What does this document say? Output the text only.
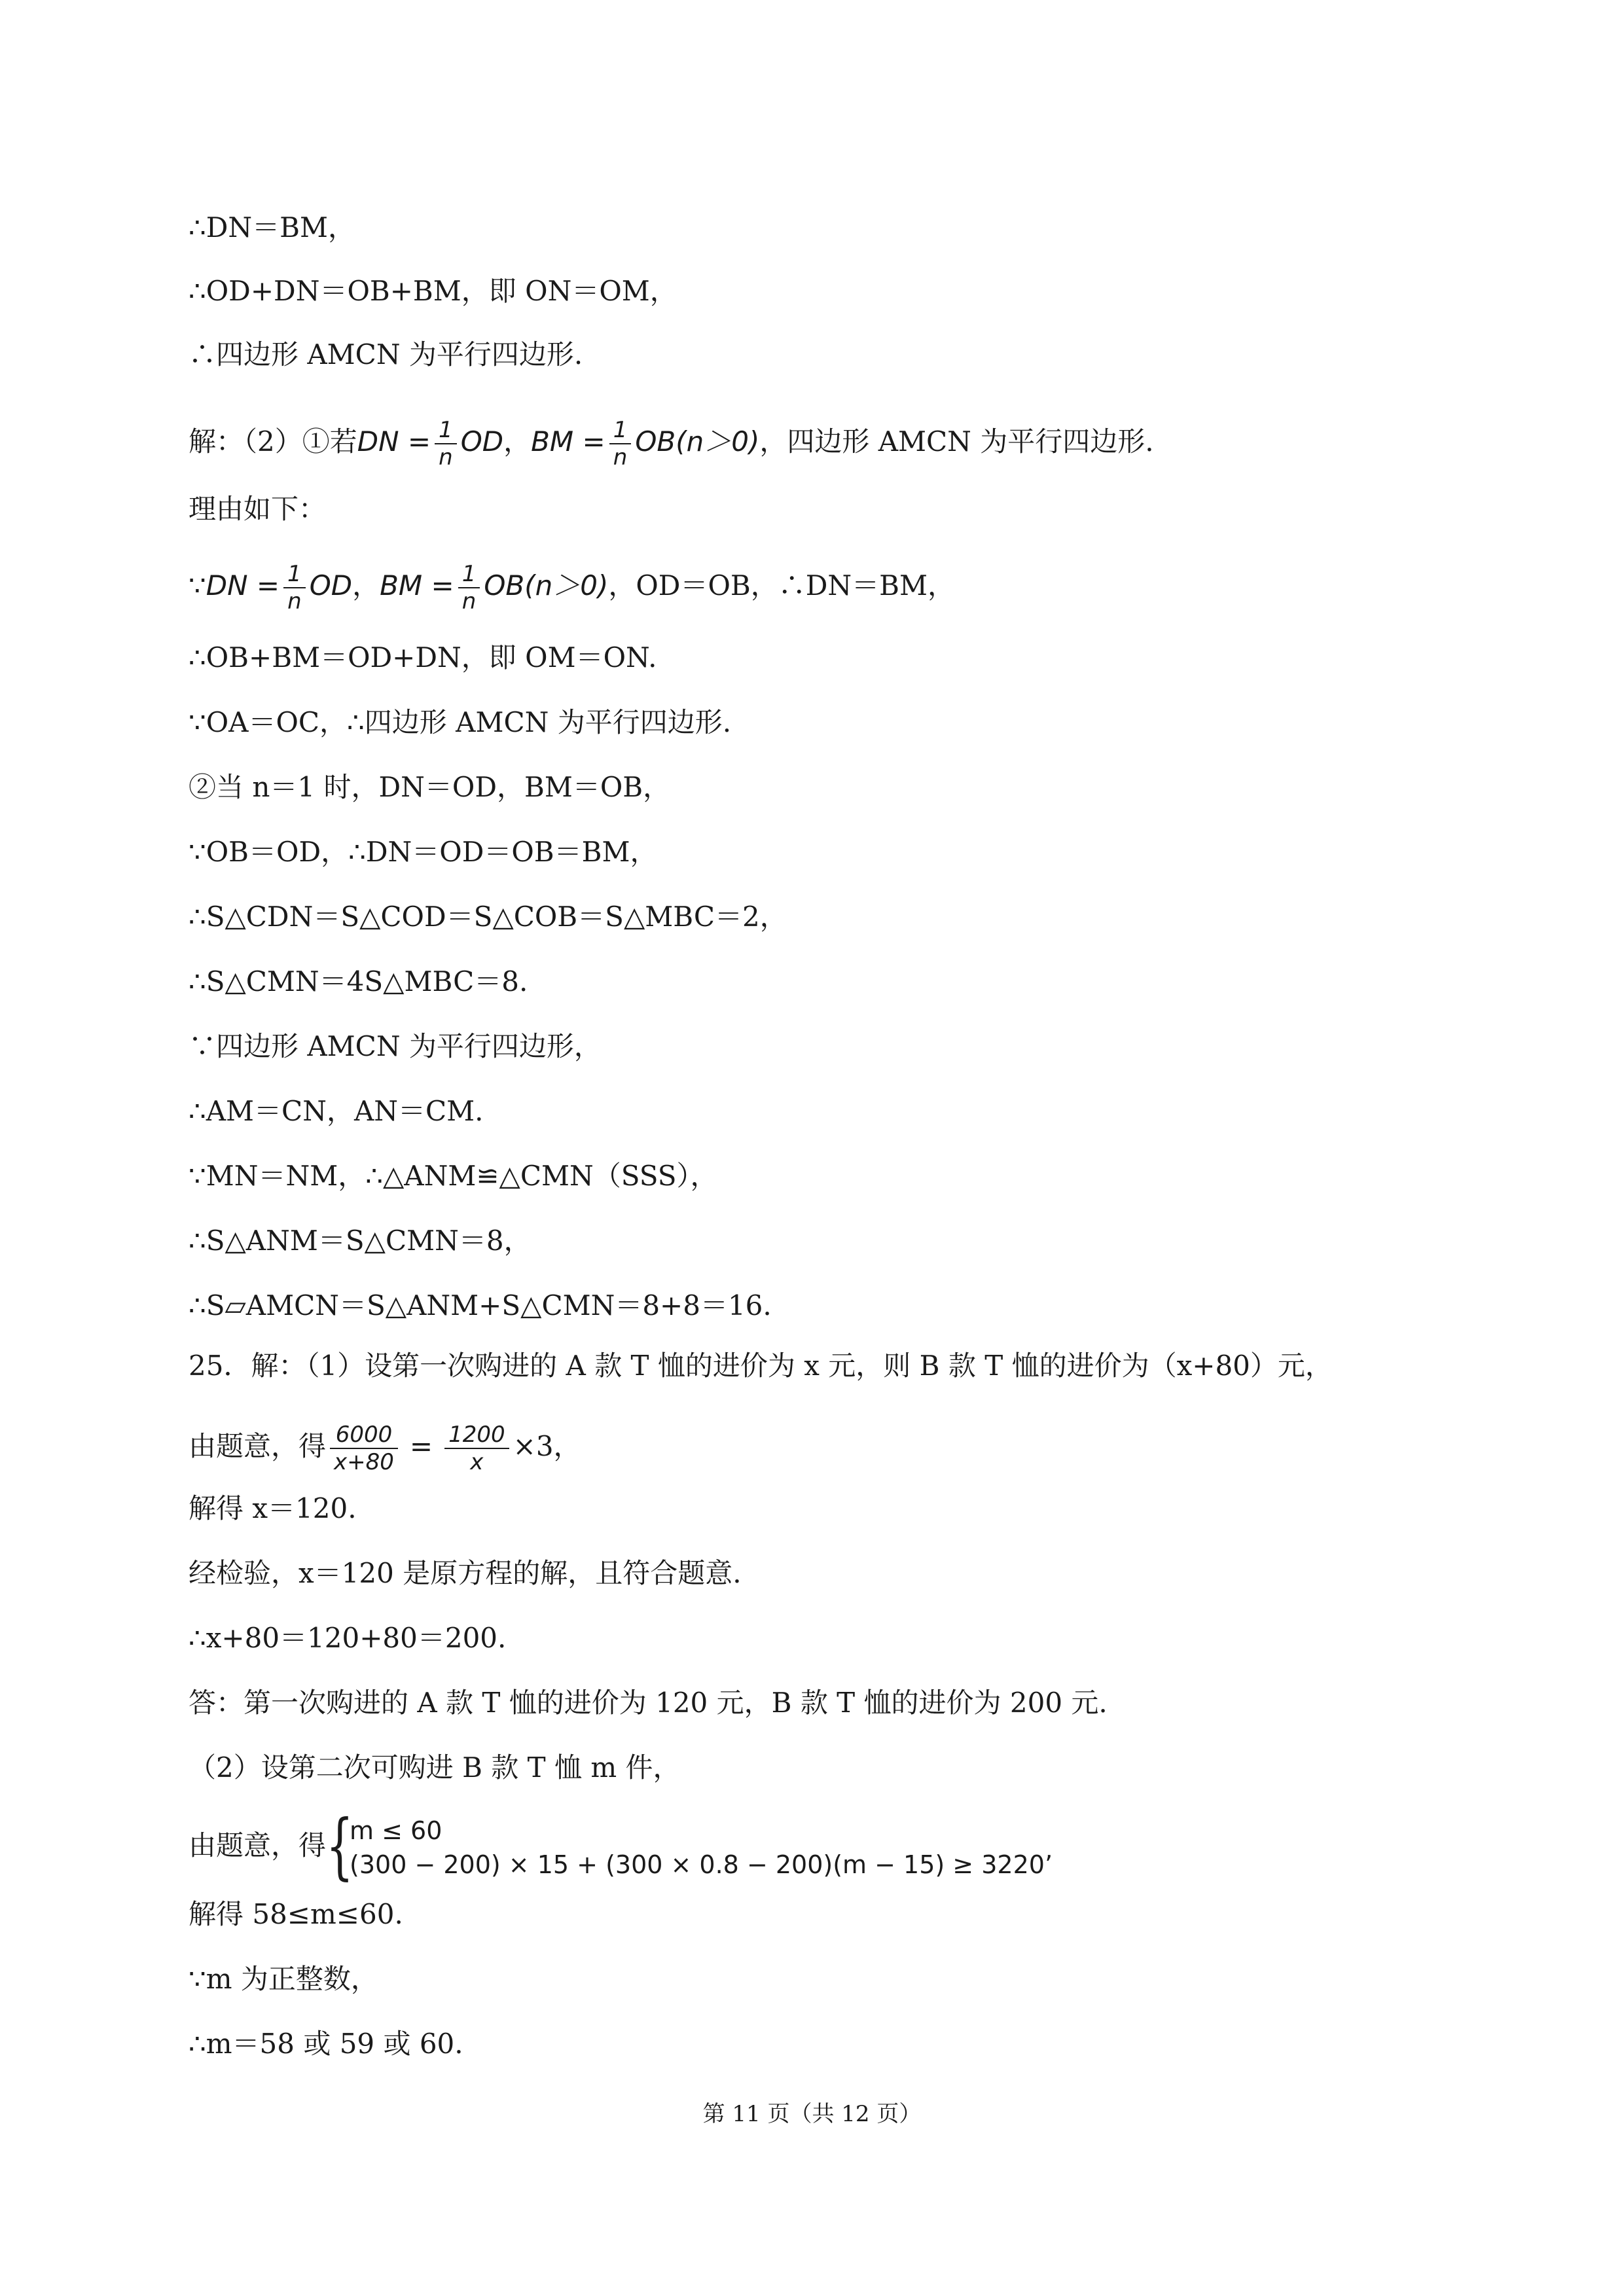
∴DN＝BM，
∴OD+DN＝OB+BM，即 ON＝OM，
∴四边形 AMCN 为平行四边形.
解：（2）①若DN = $\frac{1}{n}$ OD，BM = $\frac{1}{n} OB(n>0)$，四边形 AMCN 为平行四边形.
理由如下：
∵DN = $\frac{1}{n}$ OD，BM = $\frac{1}{n} OB(n>0)$，OD＝OB，∴DN＝BM，
∴OB+BM＝OD+DN，即 OM＝ON.
∵OA＝OC，∴四边形 AMCN 为平行四边形.
②当 n＝1 时，DN＝OD，BM＝OB，
∵OB＝OD，∴DN＝OD＝OB＝BM，
∴S△CDN＝S△COD＝S△COB＝S△MBC＝2，
∴S△CMN＝4S△MBC＝8.
∵四边形 AMCN 为平行四边形，
∴AM＝CN，AN＝CM.
∵MN＝NM，∴△ANM≌△CMN（SSS），
∴S△ANM＝S△CMN＝8，
∴S▱AMCN＝S△ANM+S△CMN＝8+8＝16.
25．解：（1）设第一次购进的 A 款 T 恤的进价为 x 元，则 B 款 T 恤的进价为（x+80）元，
由题意，得 $\frac{6000}{x+80} = \frac{1200}{x} \times 3$，
解得 x＝120.
经检验，x＝120 是原方程的解，且符合题意.
∴x+80＝120+80＝200.
答：第一次购进的 A 款 T 恤的进价为 120 元，B 款 T 恤的进价为 200 元.
（2）设第二次可购进 B 款 T 恤 m 件，
由题意，得 {
m ≤ 60
(300 − 200) × 15 + (300 × 0.8 − 200)(m − 15) ≥ 3220’
解得 58≤m≤60.
∵m 为正整数，
∴m＝58 或 59 或 60.
第 11 页（共 12 页）
